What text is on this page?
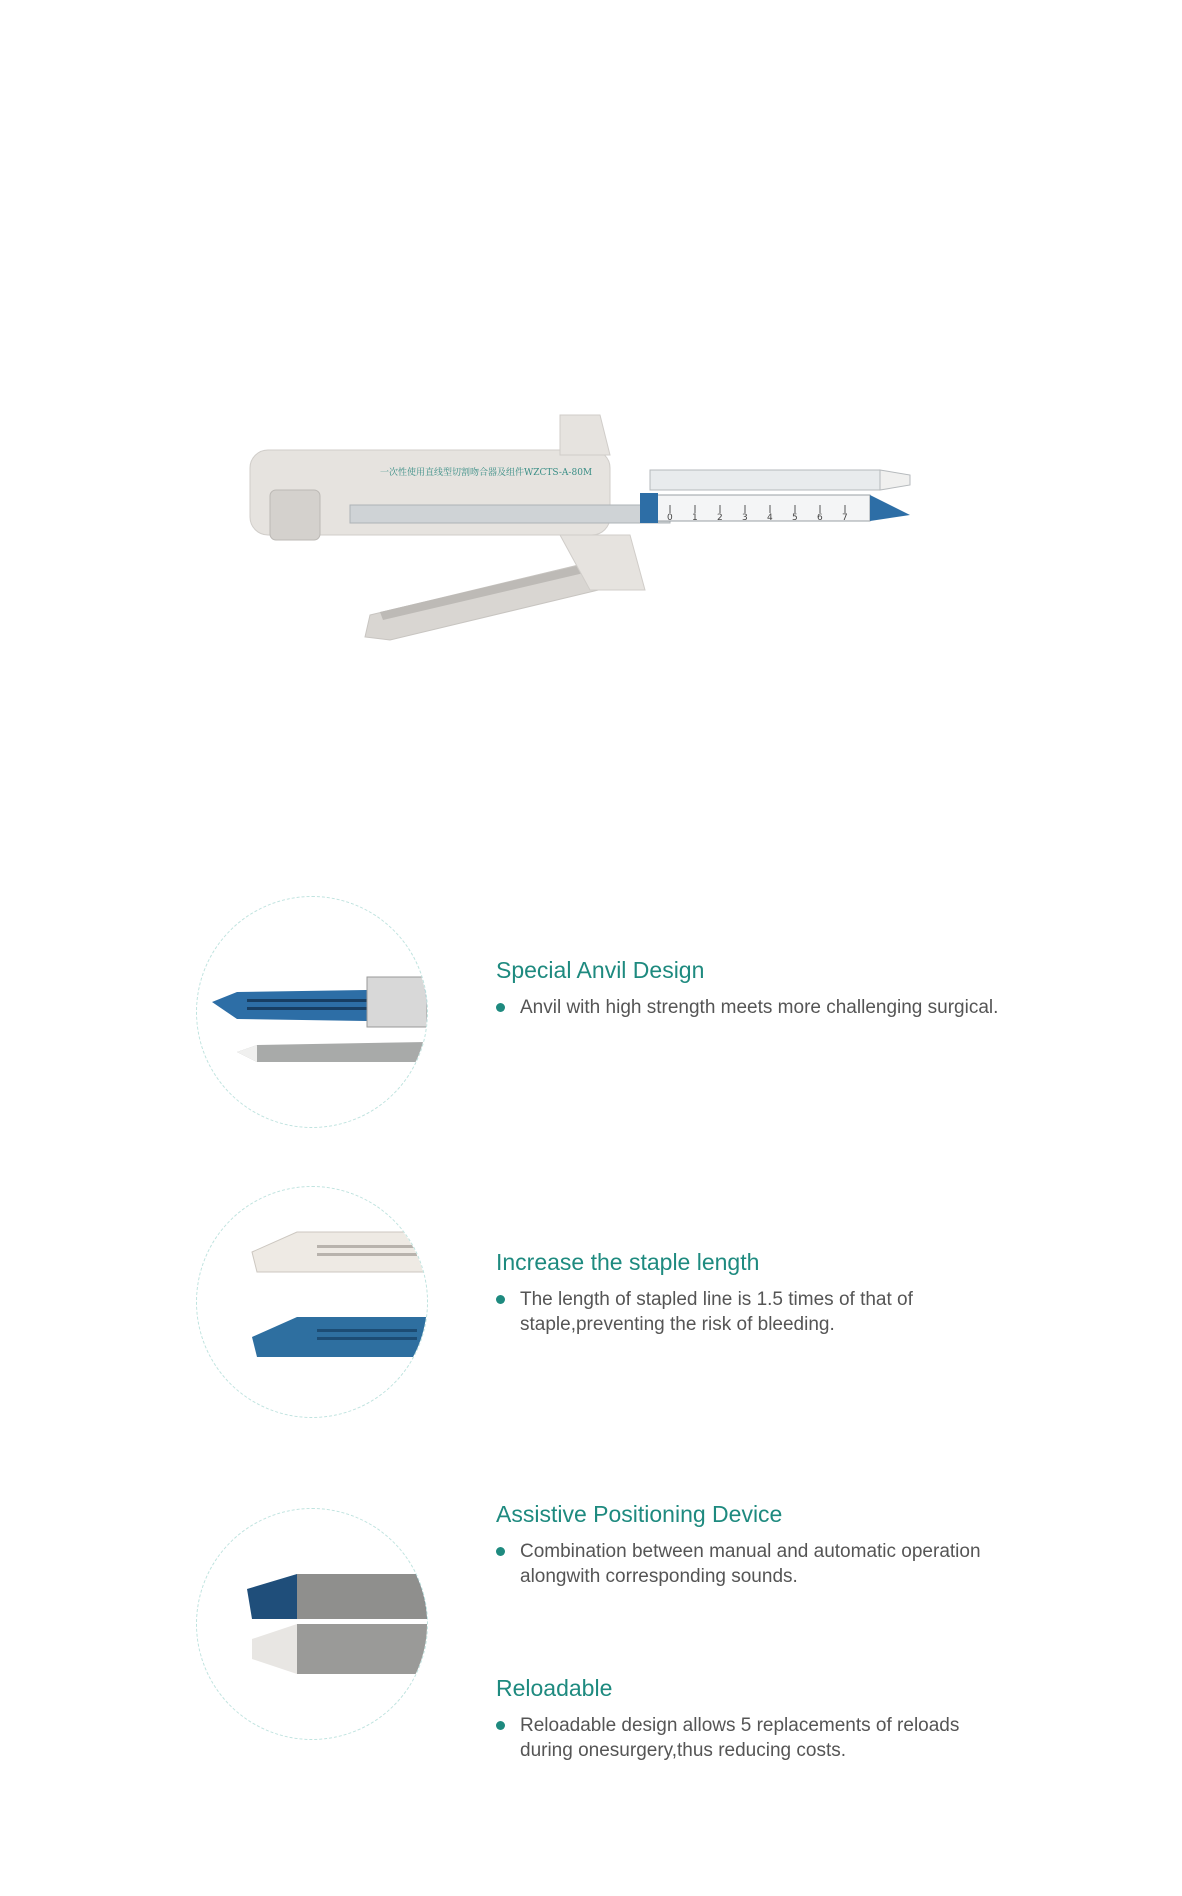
7
6
5
4
3
2
1
0
一次性使用直线型切割吻合器及组件WZCTS-A-80M
Special Anvil Design
Anvil with high strength meets more challenging surgical.
Increase the staple length
The length of stapled line is 1.5 times of that of staple,preventing the risk of bleeding.
Assistive Positioning Device
Combination between manual and automatic operation alongwith corresponding sounds.
Reloadable
Reloadable design allows 5 replacements of reloads during onesurgery,thus reducing costs.
